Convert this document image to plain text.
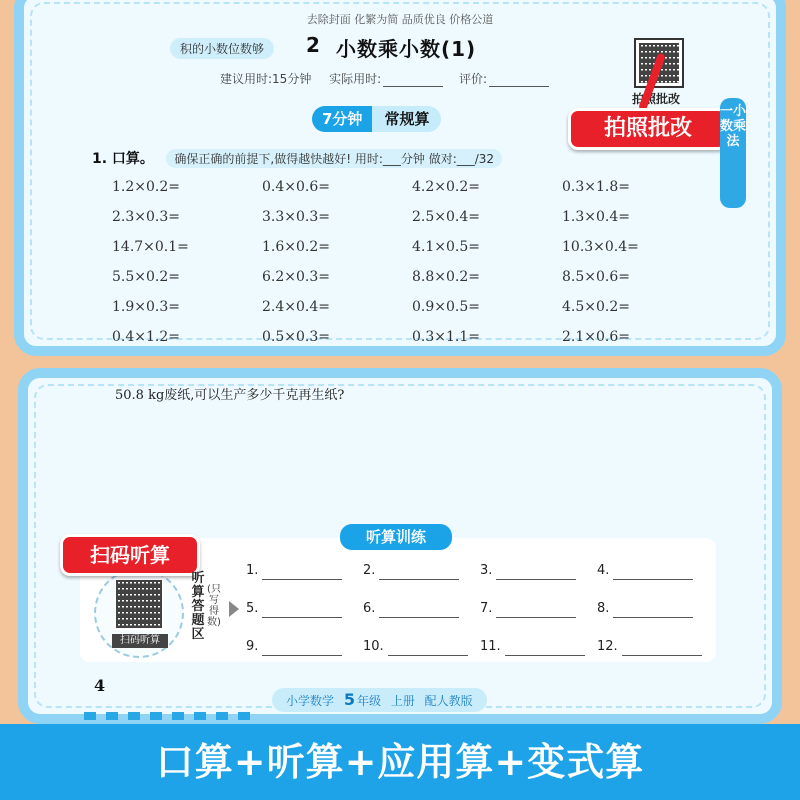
去除封面 化繁为简 品质优良 价格公道
积的小数位数够	2 小数乘小数(1)
建议用时:15分钟 实际用时:	评价:
拍照批改
拍照批改
一小数乘法
7分钟	常规算
1. 口算。 确保正确的前提下,做得越快越好! 用时:___分钟 做对:___/32
1.2×0.2=	0.4×0.6=	4.2×0.2=	0.3×1.8=
2.3×0.3=	3.3×0.3=	2.5×0.4=	1.3×0.4=
14.7×0.1=	1.6×0.2=	4.1×0.5=	10.3×0.4=
5.5×0.2=	6.2×0.3=	8.8×0.2=	8.5×0.6=
1.9×0.3=	2.4×0.4=	0.9×0.5=	4.5×0.2=
0.4×1.2=	0.5×0.3=	0.3×1.1=	2.1×0.6=
50.8 kg废纸,可以生产多少千克再生纸?
听算训练
扫码听算
扫码听算
听算答题区
(只写得数)
1.	2.	3.	4.
5.	6.	7.	8.
9.	10.	11.	12.
4
小学数学 5 年级 上册 配人教版
口算+听算+应用算+变式算
